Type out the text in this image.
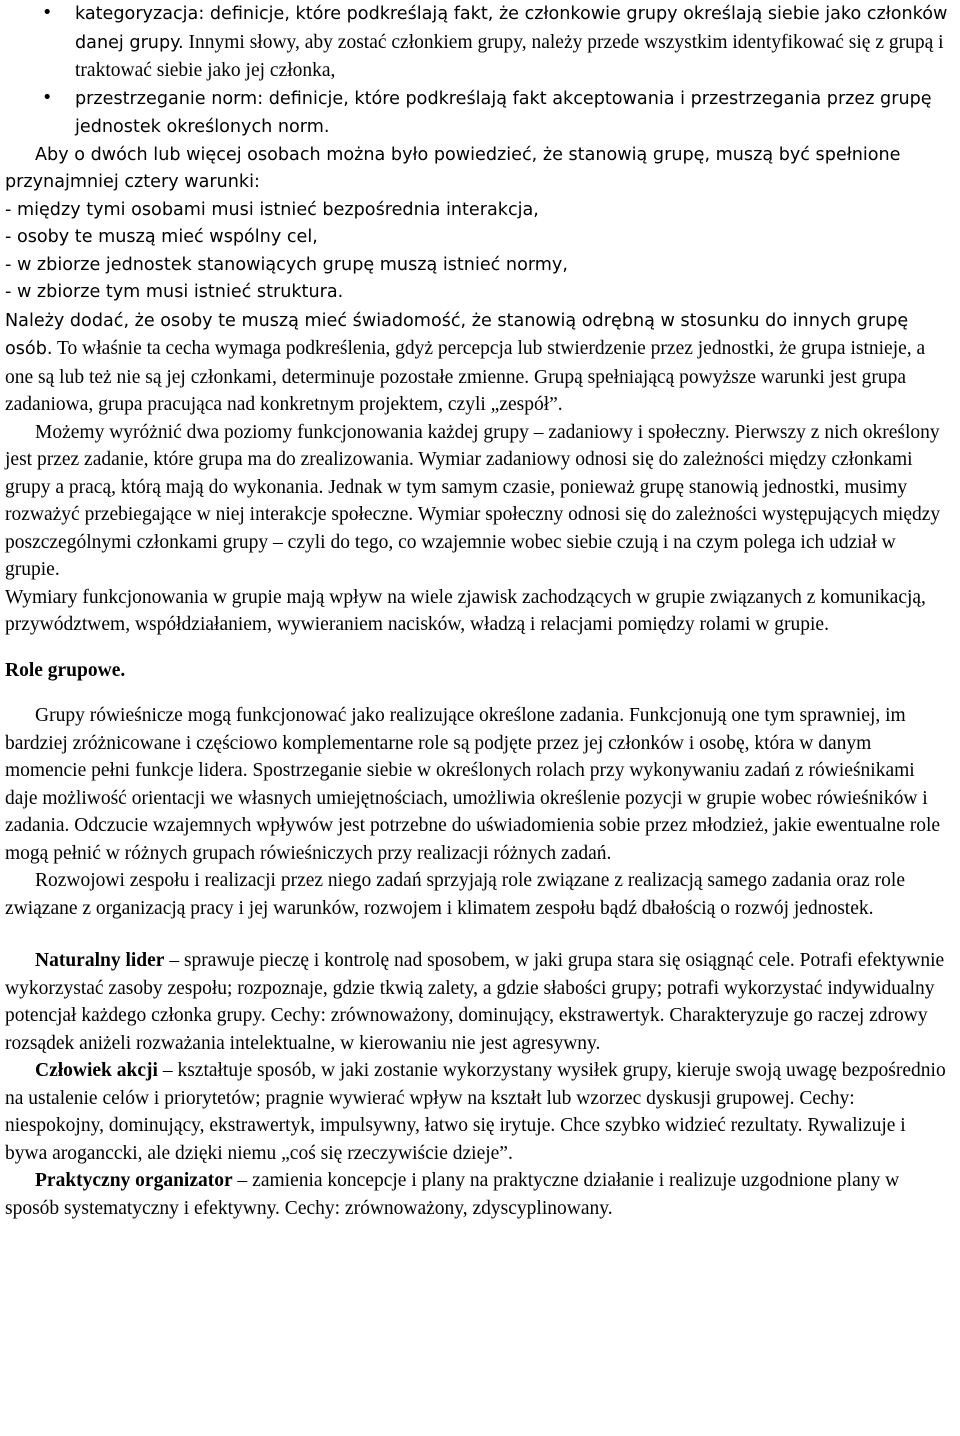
• kategoryzacja: definicje, które podkreślają fakt, że członkowie grupy określają siebie jako członków danej grupy. Innymi słowy, aby zostać członkiem grupy, należy przede wszystkim identyfikować się z grupą i traktować siebie jako jej członka,
• przestrzeganie norm: definicje, które podkreślają fakt akceptowania i przestrzegania przez grupę jednostek określonych norm.

Aby o dwóch lub więcej osobach można było powiedzieć, że stanowią grupę, muszą być spełnione przynajmniej cztery warunki:

- między tymi osobami musi istnieć bezpośrednia interakcja,

- osoby te muszą mieć wspólny cel,

- w zbiorze jednostek stanowiących grupę muszą istnieć normy,

- w zbiorze tym musi istnieć struktura.

Należy dodać, że osoby te muszą mieć świadomość, że stanowią odrębną w stosunku do innych grupę osób. To właśnie ta cecha wymaga podkreślenia, gdyż percepcja lub stwierdzenie przez jednostki, że grupa istnieje, a one są lub też nie są jej członkami, determinuje pozostałe zmienne. Grupą spełniającą powyższe warunki jest grupa zadaniowa, grupa pracująca nad konkretnym projektem, czyli „zespół”.

Możemy wyróżnić dwa poziomy funkcjonowania każdej grupy – zadaniowy i społeczny. Pierwszy z nich określony jest przez zadanie, które grupa ma do zrealizowania. Wymiar zadaniowy odnosi się do zależności między członkami grupy a pracą, którą mają do wykonania. Jednak w tym samym czasie, ponieważ grupę stanowią jednostki, musimy rozważyć przebiegające w niej interakcje społeczne. Wymiar społeczny odnosi się do zależności występujących między poszczególnymi członkami grupy – czyli do tego, co wzajemnie wobec siebie czują i na czym polega ich udział w grupie.

Wymiary funkcjonowania w grupie mają wpływ na wiele zjawisk zachodzących w grupie związanych z komunikacją, przywództwem, współdziałaniem, wywieraniem nacisków, władzą i relacjami pomiędzy rolami w grupie.

Role grupowe.

Grupy rówieśnicze mogą funkcjonować jako realizujące określone zadania. Funkcjonują one tym sprawniej, im bardziej zróżnicowane i częściowo komplementarne role są podjęte przez jej członków i osobę, która w danym momencie pełni funkcje lidera. Spostrzeganie siebie w określonych rolach przy wykonywaniu zadań z rówieśnikami daje możliwość orientacji we własnych umiejętnościach, umożliwia określenie pozycji w grupie wobec rówieśników i zadania. Odczucie wzajemnych wpływów jest potrzebne do uświadomienia sobie przez młodzież, jakie ewentualne role mogą pełnić w różnych grupach rówieśniczych przy realizacji różnych zadań.

Rozwojowi zespołu i realizacji przez niego zadań sprzyjają role związane z realizacją samego zadania oraz role związane z organizacją pracy i jej warunków, rozwojem i klimatem zespołu bądź dbałością o rozwój jednostek.

Naturalny lider – sprawuje pieczę i kontrolę nad sposobem, w jaki grupa stara się osiągnąć cele. Potrafi efektywnie wykorzystać zasoby zespołu; rozpoznaje, gdzie tkwią zalety, a gdzie słabości grupy; potrafi wykorzystać indywidualny potencjał każdego członka grupy. Cechy: zrównoważony, dominujący, ekstrawertyk. Charakteryzuje go raczej zdrowy rozsądek aniżeli rozważania intelektualne, w kierowaniu nie jest agresywny.

Człowiek akcji – kształtuje sposób, w jaki zostanie wykorzystany wysiłek grupy, kieruje swoją uwagę bezpośrednio na ustalenie celów i priorytetów; pragnie wywierać wpływ na kształt lub wzorzec dyskusji grupowej. Cechy: niespokojny, dominujący, ekstrawertyk, impulsywny, łatwo się irytuje. Chce szybko widzieć rezultaty. Rywalizuje i bywa aroganccki, ale dzięki niemu „coś się rzeczywiście dzieje”.

Praktyczny organizator – zamienia koncepcje i plany na praktyczne działanie i realizuje uzgodnione plany w sposób systematyczny i efektywny. Cechy: zrównoważony, zdyscyplinowany.
